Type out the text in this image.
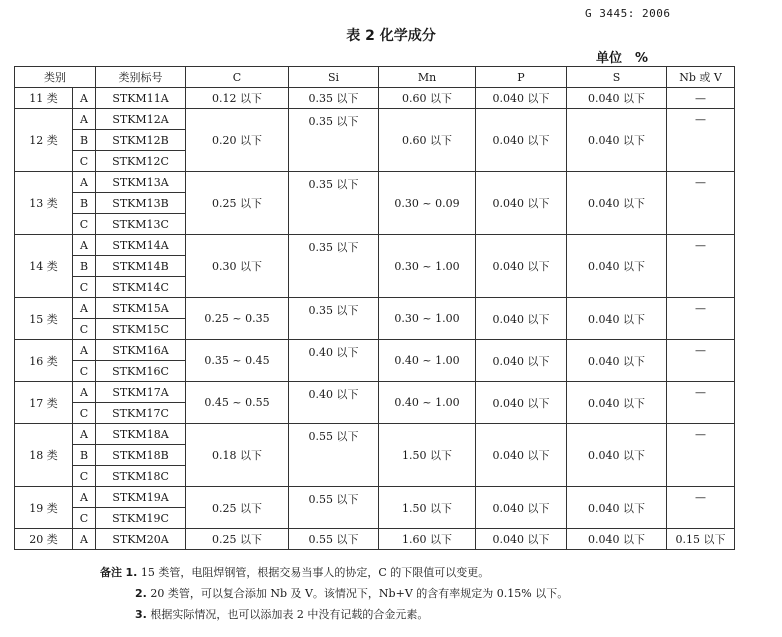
G 3445: 2006
表 2 化学成分
单位　%
类别		类别标号	C	Si	Mn	P	S	Nb 或 V
11 类	A	STKM11A	0.12 以下	0.35 以下	0.60 以下	0.040 以下	0.040 以下	—
12 类	A	STKM12A	0.20 以下	0.35 以下	0.60 以下	0.040 以下	0.040 以下	—
	B	STKM12B						
	C	STKM12C						
13 类	A	STKM13A	0.25 以下	0.35 以下	0.30 ~ 0.09	0.040 以下	0.040 以下	—
	B	STKM13B						
	C	STKM13C						
14 类	A	STKM14A	0.30 以下	0.35 以下	0.30 ~ 1.00	0.040 以下	0.040 以下	—
	B	STKM14B						
	C	STKM14C						
15 类	A	STKM15A	0.25 ~ 0.35	0.35 以下	0.30 ~ 1.00	0.040 以下	0.040 以下	—
	C	STKM15C						
16 类	A	STKM16A	0.35 ~ 0.45	0.40 以下	0.40 ~ 1.00	0.040 以下	0.040 以下	—
	C	STKM16C						
17 类	A	STKM17A	0.45 ~ 0.55	0.40 以下	0.40 ~ 1.00	0.040 以下	0.040 以下	—
	C	STKM17C						
18 类	A	STKM18A	0.18 以下	0.55 以下	1.50 以下	0.040 以下	0.040 以下	—
	B	STKM18B						
	C	STKM18C						
19 类	A	STKM19A	0.25 以下	0.55 以下	1.50 以下	0.040 以下	0.040 以下	—
	C	STKM19C						
20 类	A	STKM20A	0.25 以下	0.55 以下	1.60 以下	0.040 以下	0.040 以下	0.15 以下
备注 1. 15 类管，电阻焊钢管，根据交易当事人的协定，C 的下限值可以变更。
2. 20 类管，可以复合添加 Nb 及 V。该情况下，Nb+V 的含有率规定为 0.15% 以下。
3. 根据实际情况，也可以添加表 2 中没有记载的合金元素。
